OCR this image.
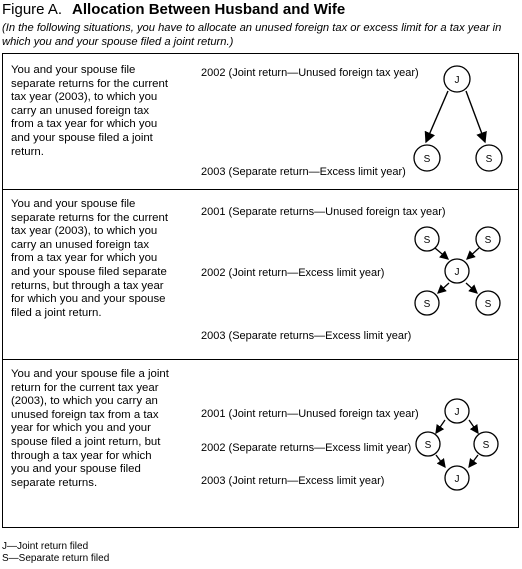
Figure A. Allocation Between Husband and Wife
(In the following situations, you have to allocate an unused foreign tax or excess limit for a tax year in which you and your spouse filed a joint return.)
You and your spouse file separate returns for the current tax year (2003), to which you carry an unused foreign tax from a tax year for which you and your spouse filed a joint return.
2002 (Joint return—Unused foreign tax year)
2003 (Separate return—Excess limit year)
J
S	S
You and your spouse file separate returns for the current tax year (2003), to which you carry an unused foreign tax from a tax year for which you and your spouse filed separate returns, but through a tax year for which you and your spouse filed a joint return.
2001 (Separate returns—Unused foreign tax year)
2002 (Joint return—Excess limit year)
2003 (Separate returns—Excess limit year)
S	S
J
S	S
You and your spouse file a joint return for the current tax year (2003), to which you carry an unused foreign tax from a tax year for which you and your spouse filed a joint return, but through a tax year for which you and your spouse filed separate returns.
2001 (Joint return—Unused foreign tax year)
2002 (Separate returns—Excess limit year)
2003 (Joint return—Excess limit year)
J
S	S
J
J—Joint return filed
S—Separate return filed
